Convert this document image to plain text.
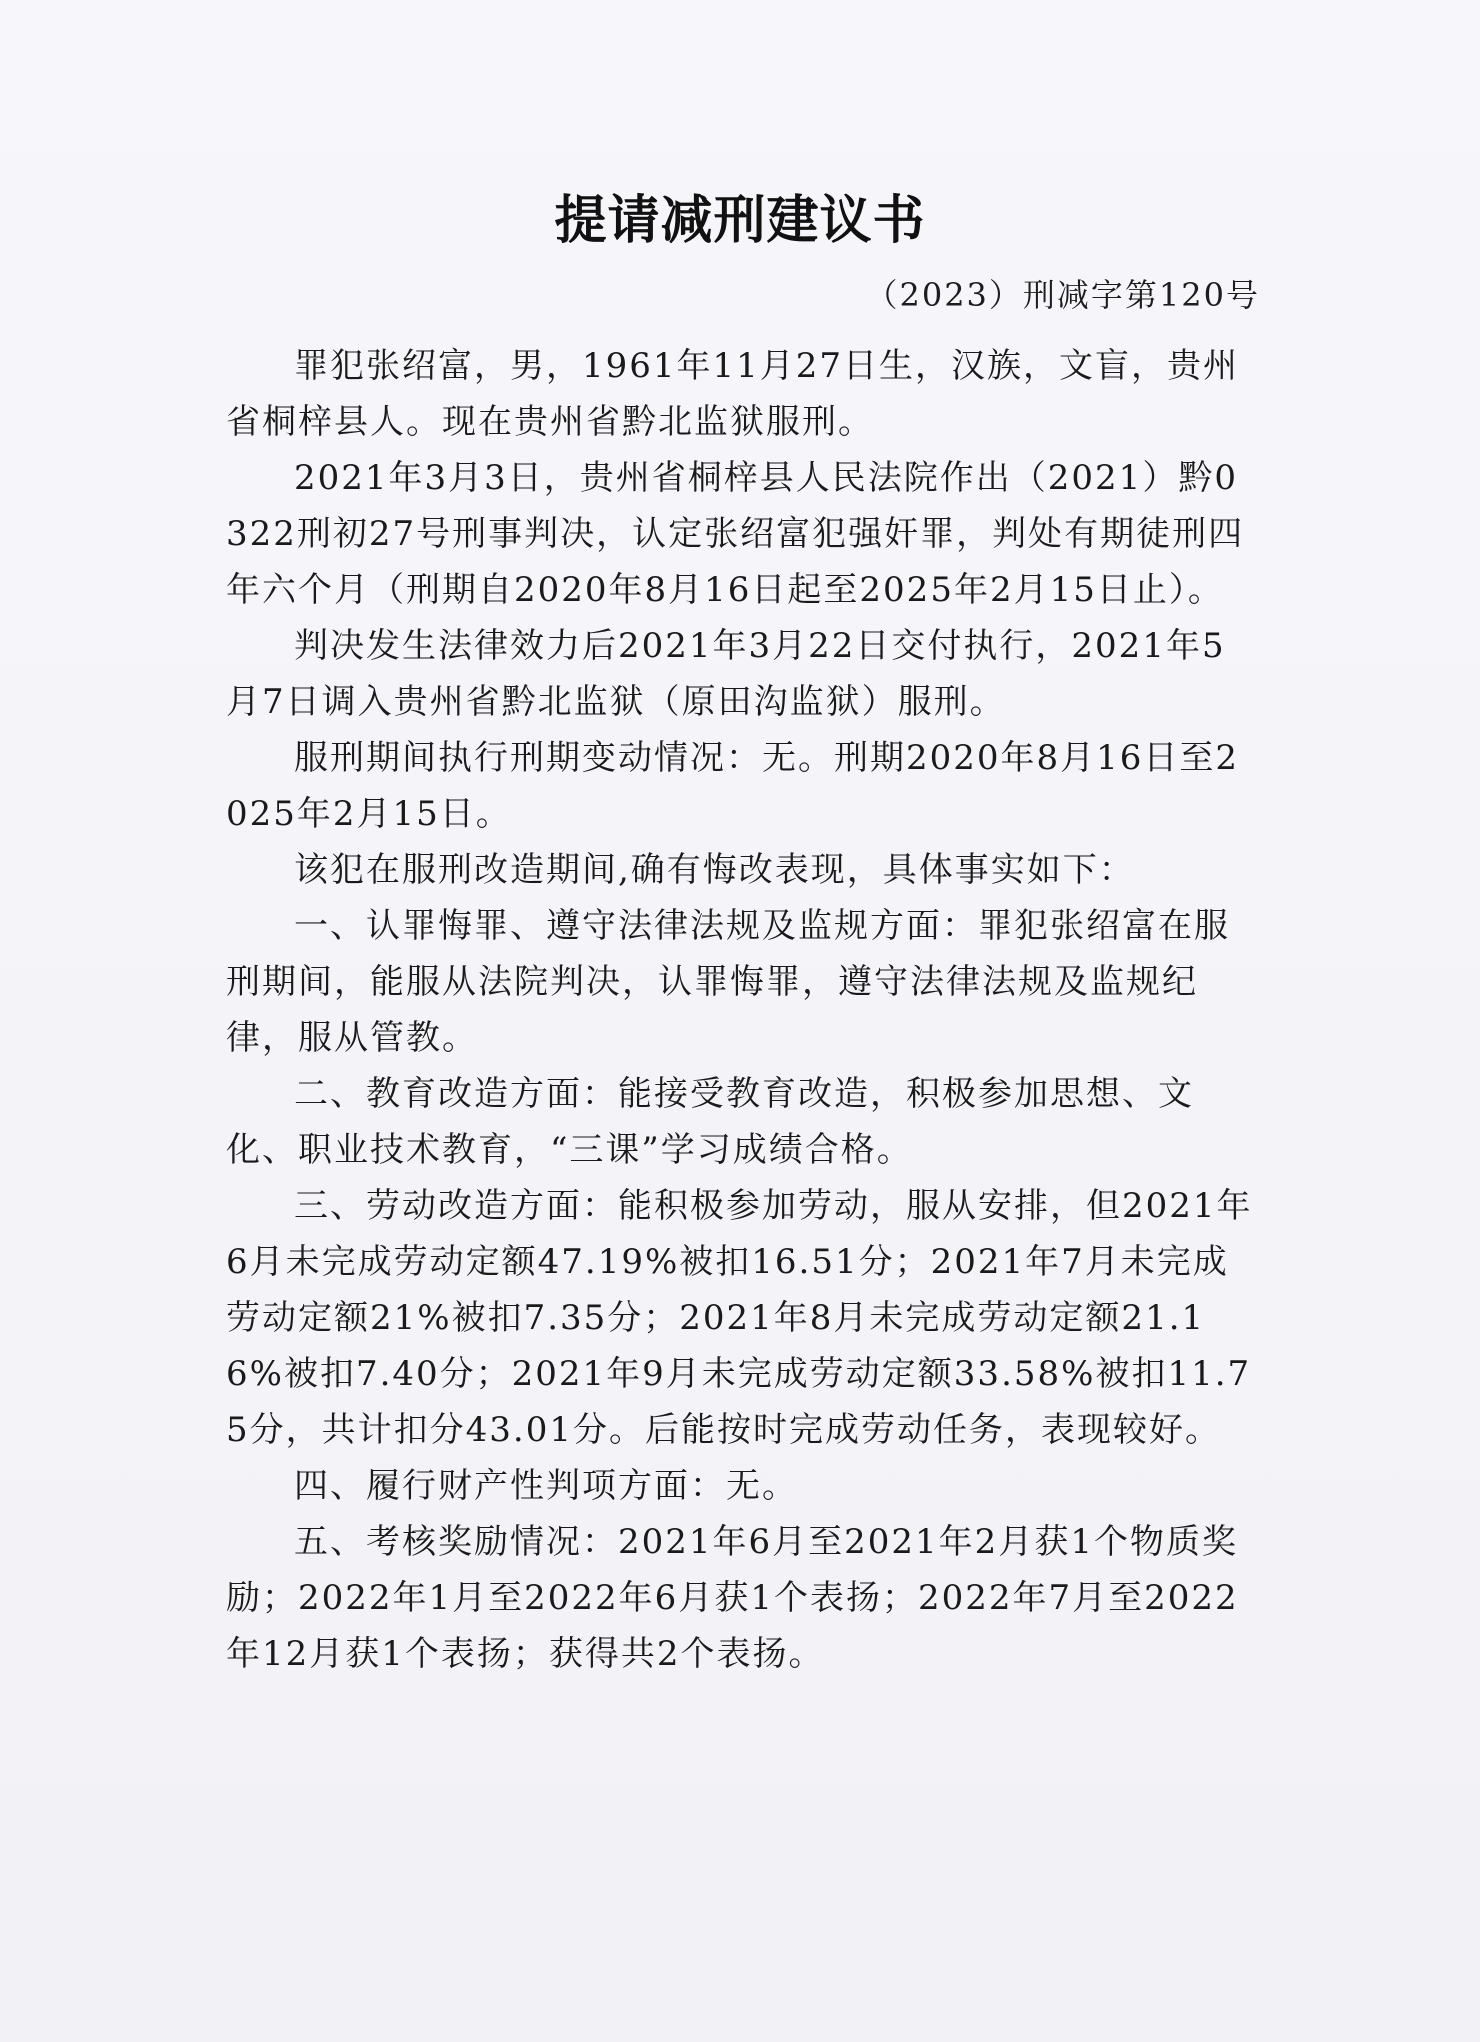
提请减刑建议书
（2023）刑减字第120号

罪犯张绍富，男，1961年11月27日生，汉族，文盲，贵州省桐梓县人。现在贵州省黔北监狱服刑。

2021年3月3日，贵州省桐梓县人民法院作出（2021）黔0322刑初27号刑事判决，认定张绍富犯强奸罪，判处有期徒刑四年六个月（刑期自2020年8月16日起至2025年2月15日止）。

判决发生法律效力后2021年3月22日交付执行，2021年5月7日调入贵州省黔北监狱（原田沟监狱）服刑。

服刑期间执行刑期变动情况：无。刑期2020年8月16日至2025年2月15日。

该犯在服刑改造期间,确有悔改表现，具体事实如下：

一、认罪悔罪、遵守法律法规及监规方面：罪犯张绍富在服刑期间，能服从法院判决，认罪悔罪，遵守法律法规及监规纪律，服从管教。

二、教育改造方面：能接受教育改造，积极参加思想、文化、职业技术教育，“三课”学习成绩合格。

三、劳动改造方面：能积极参加劳动，服从安排，但2021年6月未完成劳动定额47.19%被扣16.51分；2021年7月未完成劳动定额21%被扣7.35分；2021年8月未完成劳动定额21.16%被扣7.40分；2021年9月未完成劳动定额33.58%被扣11.75分，共计扣分43.01分。后能按时完成劳动任务，表现较好。

四、履行财产性判项方面：无。

五、考核奖励情况：2021年6月至2021年2月获1个物质奖励；2022年1月至2022年6月获1个表扬；2022年7月至2022年12月获1个表扬；获得共2个表扬。
